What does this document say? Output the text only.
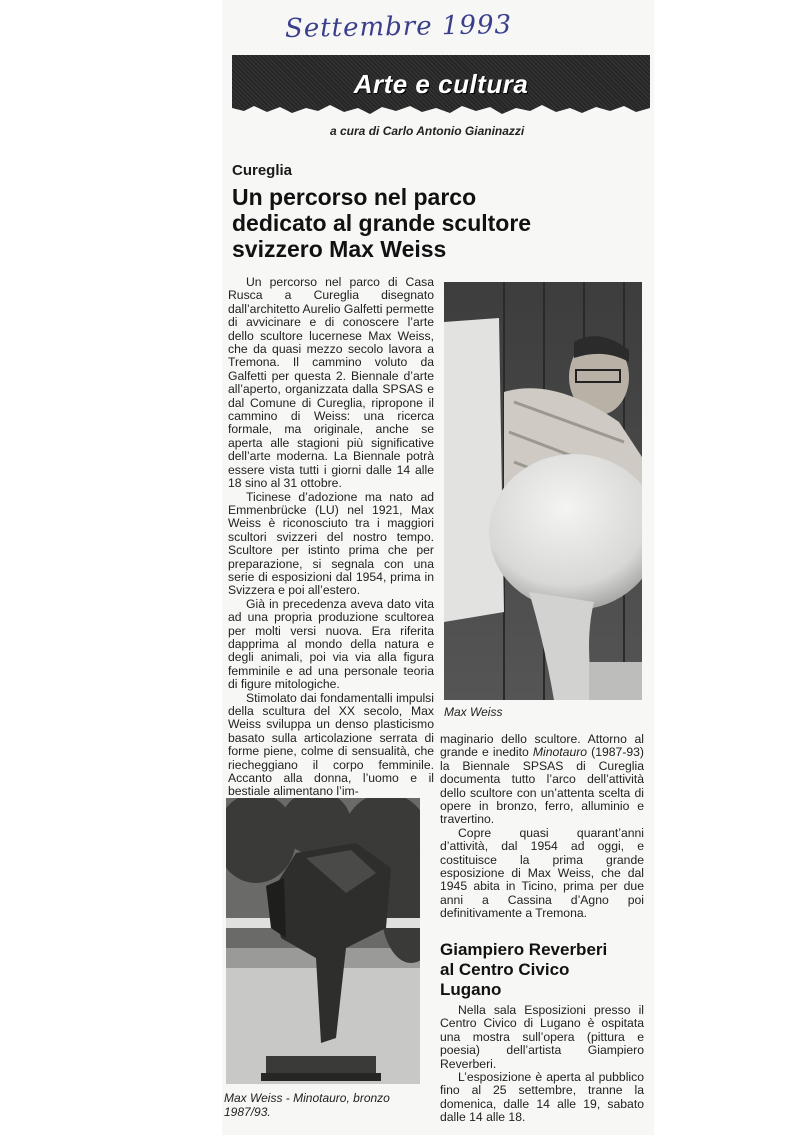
Settembre 1993
Arte e cultura
a cura di Carlo Antonio Gianinazzi
Cureglia
Un percorso nel parco
dedicato al grande scultore
svizzero Max Weiss

Un percorso nel parco di Casa Rusca a Cureglia disegnato dall’architetto Aurelio Galfetti permette di avvicinare e di conoscere l’arte dello scultore lucernese Max Weiss, che da quasi mezzo secolo lavora a Tremona. Il cammino voluto da Galfetti per questa 2. Biennale d’arte all’aperto, organizzata dalla SPSAS e dal Comune di Cureglia, ripropone il cammino di Weiss: una ricerca formale, ma originale, anche se aperta alle stagioni più significative dell’arte moderna. La Biennale potrà essere vista tutti i giorni dalle 14 alle 18 sino al 31 ottobre.

Ticinese d’adozione ma nato ad Emmenbrücke (LU) nel 1921, Max Weiss è riconosciuto tra i maggiori scultori svizzeri del nostro tempo. Scultore per istinto prima che per preparazione, si segnala con una serie di esposizioni dal 1954, prima in Svizzera e poi all’estero.

Già in precedenza aveva dato vita ad una propria produzione scultorea per molti versi nuova. Era riferita dapprima al mondo della natura e degli animali, poi via via alla figura femminile e ad una personale teoria di figure mitologiche.

Stimolato dai fondamentalli impulsi della scultura del XX secolo, Max Weiss sviluppa un denso plasticismo basato sulla articolazione serrata di forme piene, colme di sensualità, che riecheggiano il corpo femminile. Accanto alla donna, l’uomo e il bestiale alimentano l’im-

Max Weiss

maginario dello scultore. Attorno al grande e inedito Minotauro (1987-93) la Biennale SPSAS di Cureglia documenta tutto l’arco dell’attività dello scultore con un’attenta scelta di opere in bronzo, ferro, alluminio e travertino.

Copre quasi quarant’anni d’attività, dal 1954 ad oggi, e costituisce la prima grande esposizione di Max Weiss, che dal 1945 abita in Ticino, prima per due anni a Cassina d’Agno poi definitivamente a Tremona.

Max Weiss - Minotauro, bronzo 1987/93.
Giampiero Reverberi
al Centro Civico
Lugano

Nella sala Esposizioni presso il Centro Civico di Lugano è ospitata una mostra sull’opera (pittura e poesia) dell’artista Giampiero Reverberi.

L’esposizione è aperta al pubblico fino al 25 settembre, tranne la domenica, dalle 14 alle 19, sabato dalle 14 alle 18.
